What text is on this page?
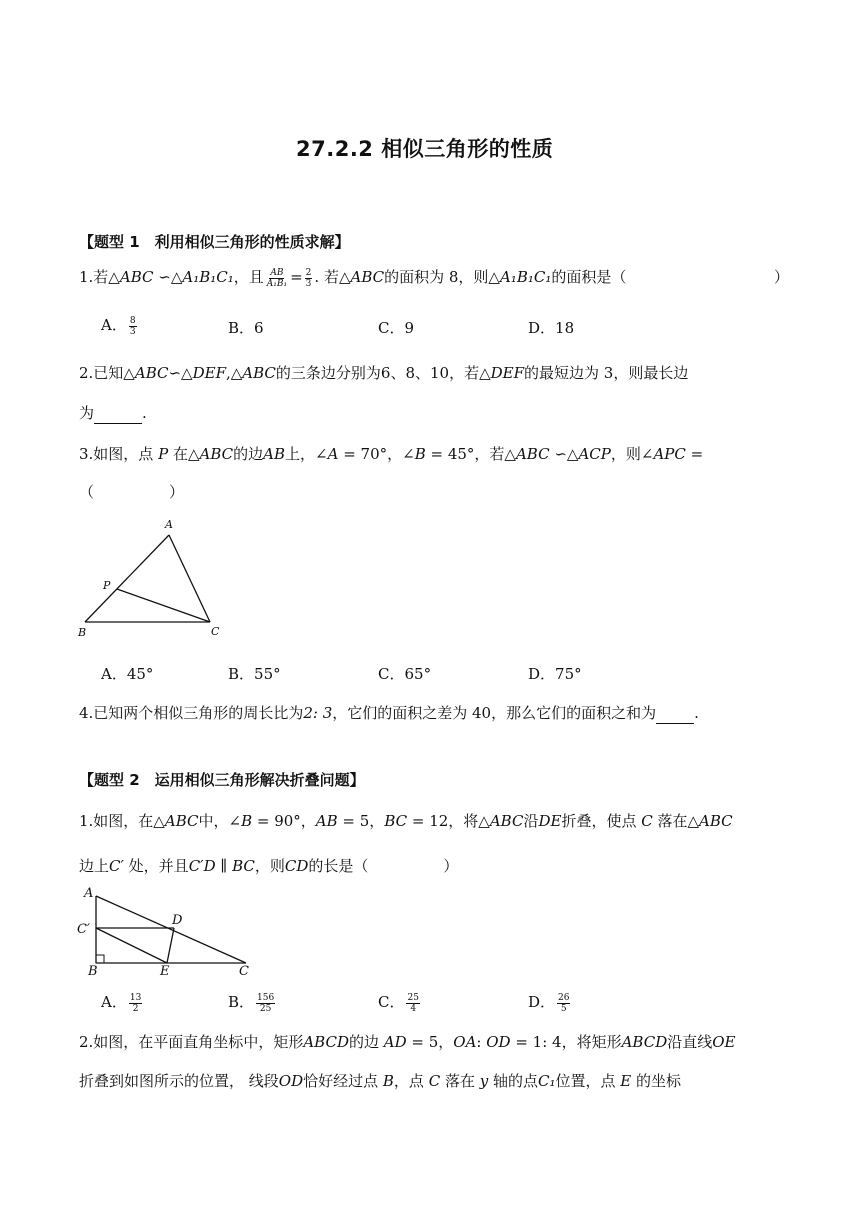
27.2.2 相似三角形的性质
【题型 1　利用相似三角形的性质求解】
1.若△ABC ∽△A₁B₁C₁，且 $\frac{AB}{\text{A₁B₁}} = \frac{2}{3}$ . 若△ABC的面积为 8，则△A₁B₁C₁的面积是（	）
A． $\frac{8}{3}$	B．6	C．9	D．18
2.已知△ABC∽△DEF,△ABC的三条边分别为6、8、10，若△DEF的最短边为 3，则最长边
为	.
3.如图，点 P 在△ABC的边AB上，∠A = 70°，∠B = 45°，若△ABC ∽△ACP，则∠APC =
（　　　　　）
A
B	C
P
A．45°	B．55°	C．65°	D．75°
4.已知两个相似三角形的周长比为2: 3，它们的面积之差为 40，那么它们的面积之和为	.
【题型 2　运用相似三角形解决折叠问题】
1.如图，在△ABC中，∠B = 90°，AB = 5，BC = 12，将△ABC沿DE折叠，使点 C 落在△ABC
边上C′ 处，并且C′D ∥ BC，则CD的长是（　　　　　）
A
B	C
C′
D
E
A． $\frac{13}{2}$	B． $\frac{156}{25}$	C． $\frac{25}{4}$	D． $\frac{26}{5}$
2.如图，在平面直角坐标中，矩形ABCD的边 AD = 5，OA: OD = 1: 4，将矩形ABCD沿直线OE
折叠到如图所示的位置， 线段OD恰好经过点 B，点 C 落在 y 轴的点C₁位置，点 E 的坐标
